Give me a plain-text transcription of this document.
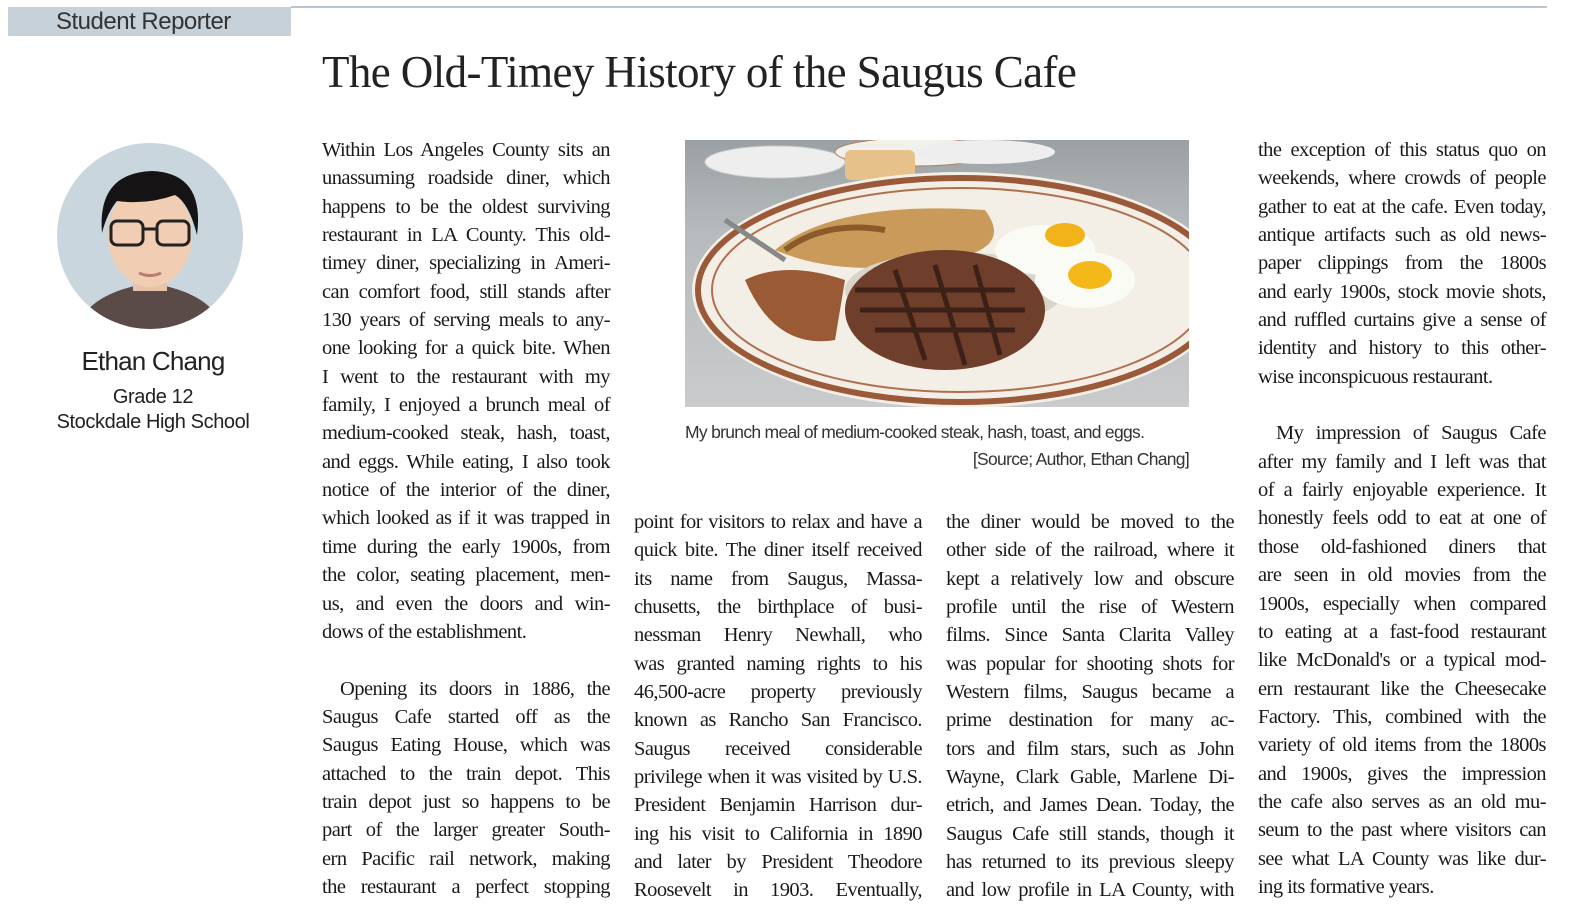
Student Reporter
The Old-Timey History of the Saugus Cafe
Ethan Chang
Grade 12
Stockdale High School
Within Los Angeles County sits an
unassuming roadside diner, which
happens to be the oldest surviving
restaurant in LA County. This old-
timey diner, specializing in Ameri-
can comfort food, still stands after
130 years of serving meals to any-
one looking for a quick bite. When
I went to the restaurant with my
family, I enjoyed a brunch meal of
medium-cooked steak, hash, toast,
and eggs. While eating, I also took
notice of the interior of the diner,
which looked as if it was trapped in
time during the early 1900s, from
the color, seating placement, men-
us, and even the doors and win-
dows of the establishment.
Opening its doors in 1886, the
Saugus Cafe started off as the
Saugus Eating House, which was
attached to the train depot. This
train depot just so happens to be
part of the larger greater South-
ern Pacific rail network, making
the restaurant a perfect stopping
point for visitors to relax and have a
quick bite. The diner itself received
its name from Saugus, Massa-
chusetts, the birthplace of busi-
nessman Henry Newhall, who
was granted naming rights to his
46,500-acre property previously
known as Rancho San Francisco.
Saugus received considerable
privilege when it was visited by U.S.
President Benjamin Harrison dur-
ing his visit to California in 1890
and later by President Theodore
Roosevelt in 1903. Eventually,
the diner would be moved to the
other side of the railroad, where it
kept a relatively low and obscure
profile until the rise of Western
films. Since Santa Clarita Valley
was popular for shooting shots for
Western films, Saugus became a
prime destination for many ac-
tors and film stars, such as John
Wayne, Clark Gable, Marlene Di-
etrich, and James Dean. Today, the
Saugus Cafe still stands, though it
has returned to its previous sleepy
and low profile in LA County, with
the exception of this status quo on
weekends, where crowds of people
gather to eat at the cafe. Even today,
antique artifacts such as old news-
paper clippings from the 1800s
and early 1900s, stock movie shots,
and ruffled curtains give a sense of
identity and history to this other-
wise inconspicuous restaurant.
My impression of Saugus Cafe
after my family and I left was that
of a fairly enjoyable experience. It
honestly feels odd to eat at one of
those old-fashioned diners that
are seen in old movies from the
1900s, especially when compared
to eating at a fast-food restaurant
like McDonald's or a typical mod-
ern restaurant like the Cheesecake
Factory. This, combined with the
variety of old items from the 1800s
and 1900s, gives the impression
the cafe also serves as an old mu-
seum to the past where visitors can
see what LA County was like dur-
ing its formative years.
My brunch meal of medium-cooked steak, hash, toast, and eggs.
[Source; Author, Ethan Chang]
